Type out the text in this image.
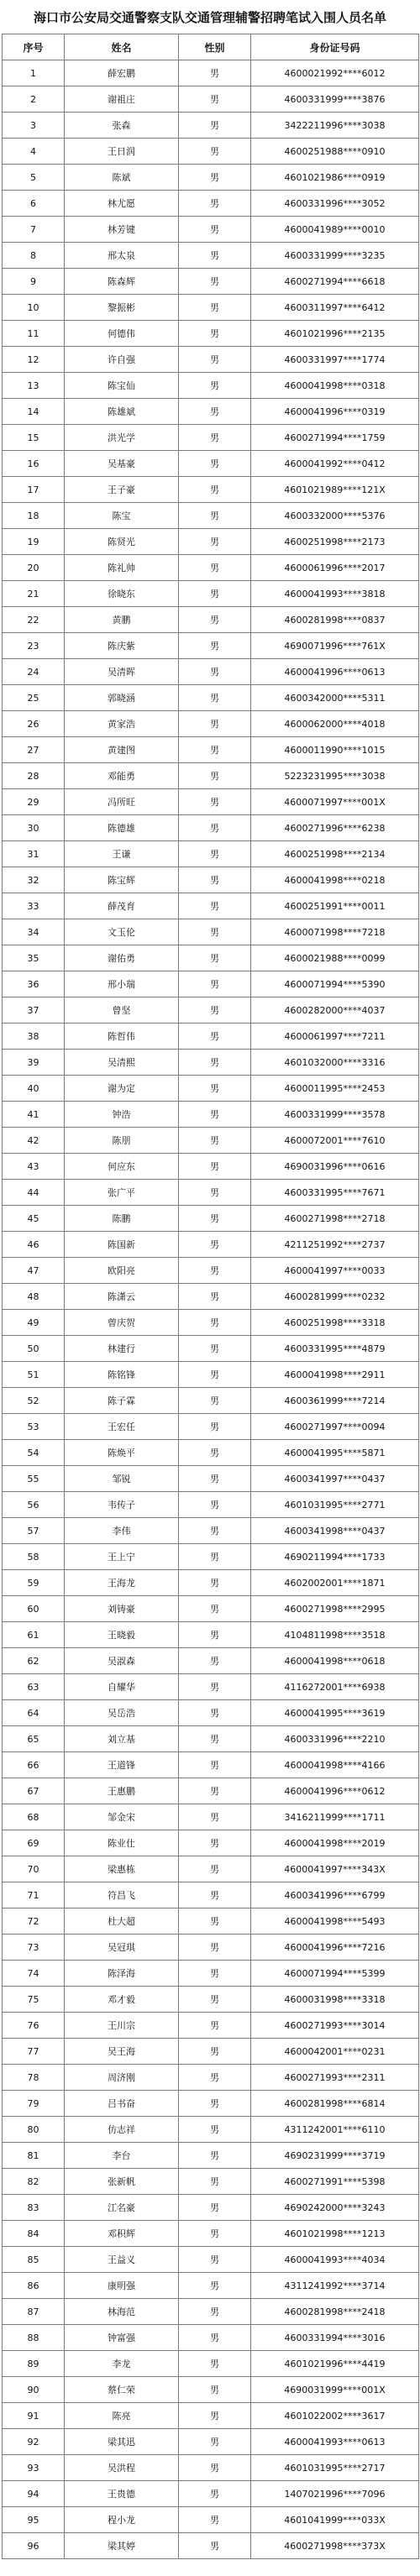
海口市公安局交通警察支队交通管理辅警招聘笔试入围人员名单
序号	姓名	性别	身份证号码
1	薛宏鹏	男	4600021992****6012
2	谢祖庄	男	4600331999****3876
3	张森	男	3422211996****3038
4	王日润	男	4600251988****0910
5	陈斌	男	4601021986****0919
6	林尤愿	男	4600331996****3052
7	林芳键	男	4600041989****0010
8	邢太泉	男	4600331999****3235
9	陈森辉	男	4600271994****6618
10	黎振彬	男	4600311997****6412
11	何德伟	男	4601021996****2135
12	许自强	男	4600331997****1774
13	陈宝仙	男	4600041998****0318
14	陈雄斌	男	4600041996****0319
15	洪光学	男	4600271994****1759
16	吴基豪	男	4600041992****0412
17	王子豪	男	4601021989****121X
18	陈宝	男	4600332000****5376
19	陈贤光	男	4600251998****2173
20	陈礼帅	男	4600061996****2017
21	徐晓东	男	4600041993****3818
22	黄鹏	男	4600281998****0837
23	陈庆紫	男	4690071996****761X
24	吴清晖	男	4600041996****0613
25	郭晓涵	男	4600342000****5311
26	黄家浩	男	4600062000****4018
27	黄建图	男	4600011990****1015
28	邓能勇	男	5223231995****3038
29	冯所旺	男	4600071997****001X
30	陈德雄	男	4600271996****6238
31	王谦	男	4600251998****2134
32	陈宝辉	男	4600041998****0218
33	薛茂育	男	4600251991****0011
34	文玉伦	男	4600071998****7218
35	谢佑勇	男	4600021988****0099
36	邢小瑞	男	4600071994****5390
37	曾坚	男	4600282000****4037
38	陈哲伟	男	4600061997****7211
39	吴清熙	男	4601032000****3316
40	谢为定	男	4600011995****2453
41	钟浩	男	4600331999****3578
42	陈朋	男	4600072001****7610
43	何应东	男	4690031996****0616
44	张广平	男	4600331995****7671
45	陈鹏	男	4600271998****2718
46	陈国新	男	4211251992****2737
47	欧阳亮	男	4600041997****0033
48	陈潇云	男	4600281999****0232
49	曾庆贺	男	4600251998****3318
50	林建行	男	4600331995****4879
51	陈铭锋	男	4600041998****2911
52	陈子霖	男	4600361999****7214
53	王宏任	男	4600271997****0094
54	陈焕平	男	4600041995****5871
55	邹锐	男	4600341997****0437
56	韦传子	男	4601031995****2771
57	李伟	男	4600341998****0437
58	王上宁	男	4690211994****1733
59	王海龙	男	4602002001****1871
60	刘铸豪	男	4600271998****2995
61	王晓毅	男	4104811998****3518
62	吴淑森	男	4600041998****0618
63	自耀华	男	4116272001****6938
64	吴岳浩	男	4600041995****3619
65	刘立基	男	4600331996****2210
66	王道锋	男	4600041998****4166
67	王惠鹏	男	4600041996****0612
68	邹金宋	男	3416211999****1711
69	陈业仕	男	4600041998****2019
70	梁惠栋	男	4600041997****343X
71	符昌飞	男	4600341996****6799
72	杜大超	男	4600041998****5493
73	吴冠琪	男	4600041996****7216
74	陈泽海	男	4600071994****5399
75	邓才毅	男	4600031998****3318
76	王川宗	男	4600271993****3014
77	吴王海	男	4600042001****0231
78	周济刚	男	4600271993****2311
79	吕书奋	男	4600281998****6814
80	仿志祥	男	4311242001****6110
81	李台	男	4690231999****3719
82	张新帆	男	4600271991****5398
83	江名豪	男	4690242000****3243
84	邓积辉	男	4601021998****1213
85	王益义	男	4600041993****4034
86	康明强	男	4311241992****3714
87	林海范	男	4600281998****2418
88	钟富强	男	4600331994****3016
89	李龙	男	4601021996****4419
90	蔡仁荣	男	4690031999****001X
91	陈亮	男	4601022002****3617
92	梁其迅	男	4600041993****0613
93	吴洪程	男	4601031995****2717
94	王贵德	男	1407021996****7096
95	程小龙	男	4601041999****033X
96	梁其婷	男	4600271998****373X
